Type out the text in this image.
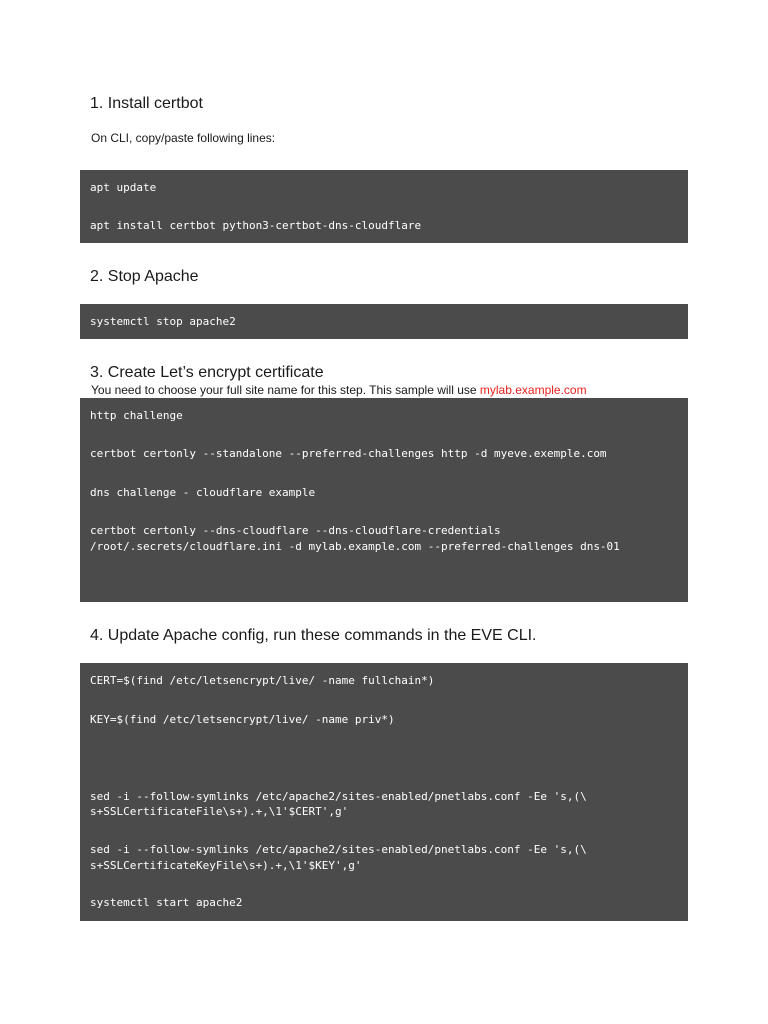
1. Install certbot
On CLI, copy/paste following lines:
apt update
apt install certbot python3-certbot-dns-cloudflare
2. Stop Apache
systemctl stop apache2
3. Create Let’s encrypt certificate
You need to choose your full site name for this step. This sample will use mylab.example.com
http challenge
certbot certonly --standalone --preferred-challenges http -d myeve.exemple.com
dns challenge - cloudflare example
certbot certonly --dns-cloudflare --dns-cloudflare-credentials
/root/.secrets/cloudflare.ini -d mylab.example.com --preferred-challenges dns-01
4. Update Apache config, run these commands in the EVE CLI.
CERT=$(find /etc/letsencrypt/live/ -name fullchain*)
KEY=$(find /etc/letsencrypt/live/ -name priv*)
sed -i --follow-symlinks /etc/apache2/sites-enabled/pnetlabs.conf -Ee 's,(\
s+SSLCertificateFile\s+).+,\1'$CERT',g'
sed -i --follow-symlinks /etc/apache2/sites-enabled/pnetlabs.conf -Ee 's,(\
s+SSLCertificateKeyFile\s+).+,\1'$KEY',g'
systemctl start apache2
